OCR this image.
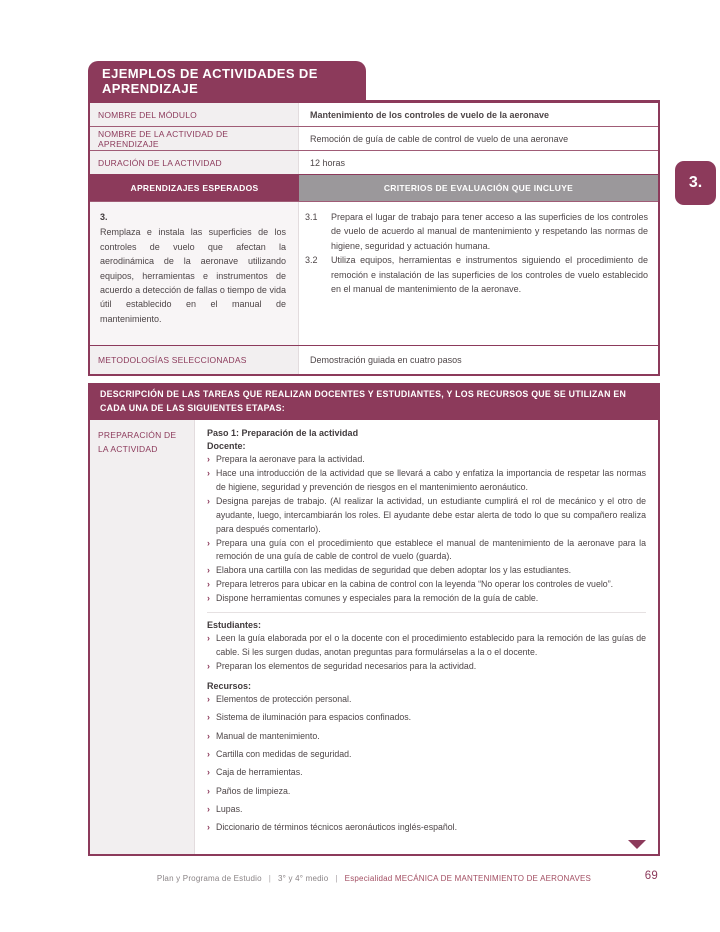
EJEMPLOS DE ACTIVIDADES DE APRENDIZAJE
NOMBRE DEL MÓDULO	Mantenimiento de los controles de vuelo de la aeronave
NOMBRE DE LA ACTIVIDAD DE APRENDIZAJE	Remoción de guía de cable de control de vuelo de una aeronave
DURACIÓN DE LA ACTIVIDAD	12 horas
APRENDIZAJES ESPERADOS	CRITERIOS DE EVALUACIÓN QUE INCLUYE
3.
Remplaza e instala las superficies de los controles de vuelo que afectan la aerodinámica de la aeronave utilizando equipos, herramientas e instrumentos de acuerdo a detección de fallas o tiempo de vida útil establecido en el manual de mantenimiento.
3.1	Prepara el lugar de trabajo para tener acceso a las superficies de los controles de vuelo de acuerdo al manual de mantenimiento y respetando las normas de higiene, seguridad y actuación humana.
3.2	Utiliza equipos, herramientas e instrumentos siguiendo el procedimiento de remoción e instalación de las superficies de los controles de vuelo establecido en el manual de mantenimiento de la aeronave.
METODOLOGÍAS SELECCIONADAS	Demostración guiada en cuatro pasos
DESCRIPCIÓN DE LAS TAREAS QUE REALIZAN DOCENTES Y ESTUDIANTES, Y LOS RECURSOS QUE SE UTILIZAN EN CADA UNA DE LAS SIGUIENTES ETAPAS:
PREPARACIÓN DE LA ACTIVIDAD
Paso 1: Preparación de la actividad
Docente:
› Prepara la aeronave para la actividad.
› Hace una introducción de la actividad que se llevará a cabo y enfatiza la importancia de respetar las normas de higiene, seguridad y prevención de riesgos en el mantenimiento aeronáutico.
› Designa parejas de trabajo. (Al realizar la actividad, un estudiante cumplirá el rol de mecánico y el otro de ayudante, luego, intercambiarán los roles. El ayudante debe estar alerta de todo lo que su compañero realiza para después comentarlo).
› Prepara una guía con el procedimiento que establece el manual de mantenimiento de la aeronave para la remoción de una guía de cable de control de vuelo (guarda).
› Elabora una cartilla con las medidas de seguridad que deben adoptar los y las estudiantes.
› Prepara letreros para ubicar en la cabina de control con la leyenda “No operar los controles de vuelo”.
› Dispone herramientas comunes y especiales para la remoción de la guía de cable.
Estudiantes:
› Leen la guía elaborada por el o la docente con el procedimiento establecido para la remoción de las guías de cable. Si les surgen dudas, anotan preguntas para formulárselas a la o el docente.
› Preparan los elementos de seguridad necesarios para la actividad.
Recursos:
› Elementos de protección personal.
› Sistema de iluminación para espacios confinados.
› Manual de mantenimiento.
› Cartilla con medidas de seguridad.
› Caja de herramientas.
› Paños de limpieza.
› Lupas.
› Diccionario de términos técnicos aeronáuticos inglés-español.
3.
Plan y Programa de Estudio | 3° y 4° medio | Especialidad MECÁNICA DE MANTENIMIENTO DE AERONAVES	69
